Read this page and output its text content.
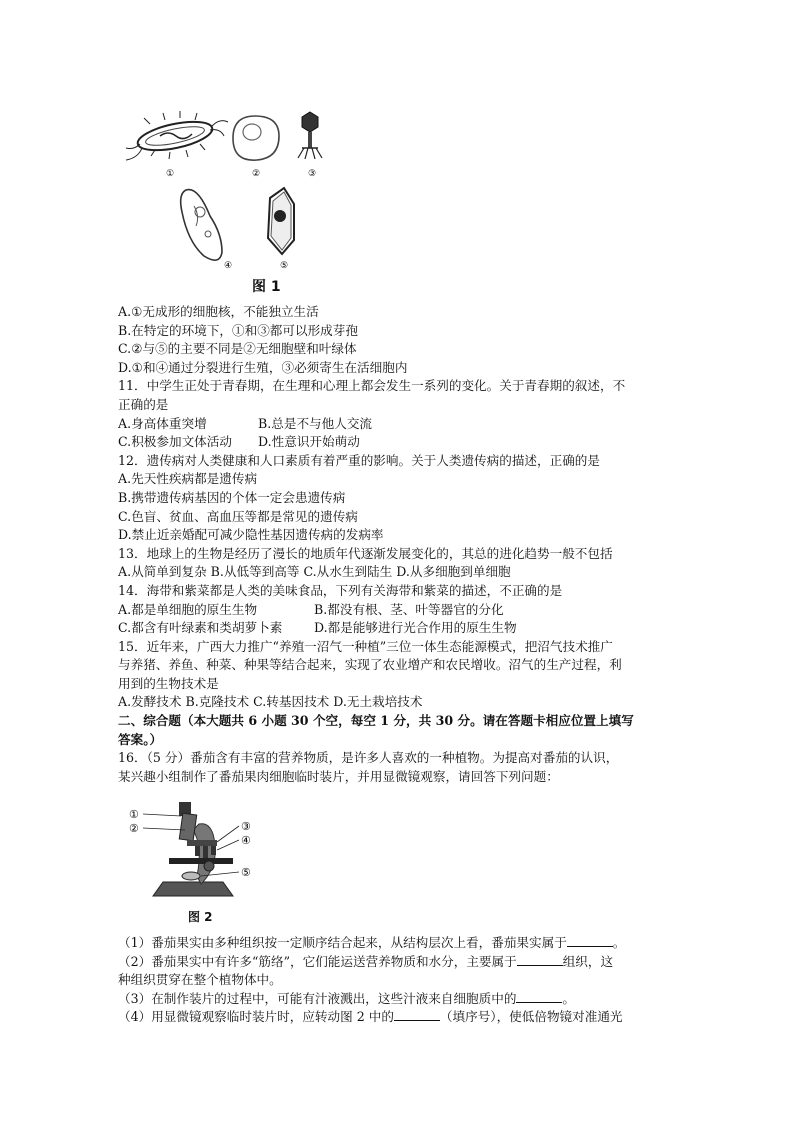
①	②	③
④	⑤
图 1
A.①无成形的细胞核，不能独立生活
B.在特定的环境下，①和③都可以形成芽孢
C.②与⑤的主要不同是②无细胞壁和叶绿体
D.①和④通过分裂进行生殖，③必须寄生在活细胞内
11．中学生正处于青春期，在生理和心理上都会发生一系列的变化。关于青春期的叙述，不
正确的是
A.身高体重突增	B.总是不与他人交流
C.积极参加文体活动 D.性意识开始萌动
12．遗传病对人类健康和人口素质有着严重的影响。关于人类遗传病的描述，正确的是
A.先天性疾病都是遗传病
B.携带遗传病基因的个体一定会患遗传病
C.色盲、贫血、高血压等都是常见的遗传病
D.禁止近亲婚配可减少隐性基因遗传病的发病率
13．地球上的生物是经历了漫长的地质年代逐渐发展变化的，其总的进化趋势一般不包括
A.从简单到复杂 B.从低等到高等 C.从水生到陆生 D.从多细胞到单细胞
14．海带和紫菜都是人类的美味食品，下列有关海带和紫菜的描述，不正确的是
A.都是单细胞的原生生物	B.都没有根、茎、叶等器官的分化
C.都含有叶绿素和类胡萝卜素	D.都是能够进行光合作用的原生生物
15．近年来，广西大力推广“养殖一沼气一种植”三位一体生态能源模式，把沼气技术推广
与养猪、养鱼、种菜、种果等结合起来，实现了农业增产和农民增收。沼气的生产过程，利
用到的生物技术是
A.发酵技术 B.克隆技术 C.转基因技术 D.无土栽培技术
二、综合题（本大题共 6 小题 30 个空，每空 1 分，共 30 分。请在答题卡相应位置上填写
答案。）
16．（5 分）番茄含有丰富的营养物质，是许多人喜欢的一种植物。为提高对番茄的认识，
某兴趣小组制作了番茄果肉细胞临时装片，并用显微镜观察，请回答下列问题：
①
②	③
④
⑤
图 2
（1）番茄果实由多种组织按一定顺序结合起来，从结构层次上看，番茄果实属于	。
（2）番茄果实中有许多“筋络”，它们能运送营养物质和水分，主要属于	组织，这
种组织贯穿在整个植物体中。
（3）在制作装片的过程中，可能有汁液溅出，这些汁液来自细胞质中的	。
（4）用显微镜观察临时装片时，应转动图 2 中的	（填序号），使低倍物镜对准通光
